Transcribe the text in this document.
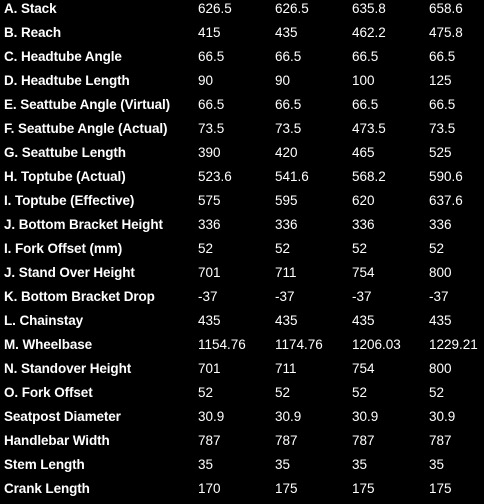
A. Stack	626.5	626.5	635.8	658.6
B. Reach	415	435	462.2	475.8
C. Headtube Angle	66.5	66.5	66.5	66.5
D. Headtube Length	90	90	100	125
E. Seattube Angle (Virtual) 66.5	66.5	66.5	66.5
F. Seattube Angle (Actual) 73.5	73.5	473.5	73.5
G. Seattube Length	390	420	465	525
H. Toptube (Actual)	523.6	541.6	568.2	590.6
I. Toptube (Effective)	575	595	620	637.6
J. Bottom Bracket Height	336	336	336	336
I. Fork Offset (mm)	52	52	52	52
J. Stand Over Height	701	711	754	800
K. Bottom Bracket Drop	-37	-37	-37	-37
L. Chainstay	435	435	435	435
M. Wheelbase	1154.76 1174.76 1206.03 1229.21
N. Standover Height	701	711	754	800
O. Fork Offset	52	52	52	52
Seatpost Diameter	30.9	30.9	30.9	30.9
Handlebar Width	787	787	787	787
Stem Length	35	35	35	35
Crank Length	170	175	175	175
